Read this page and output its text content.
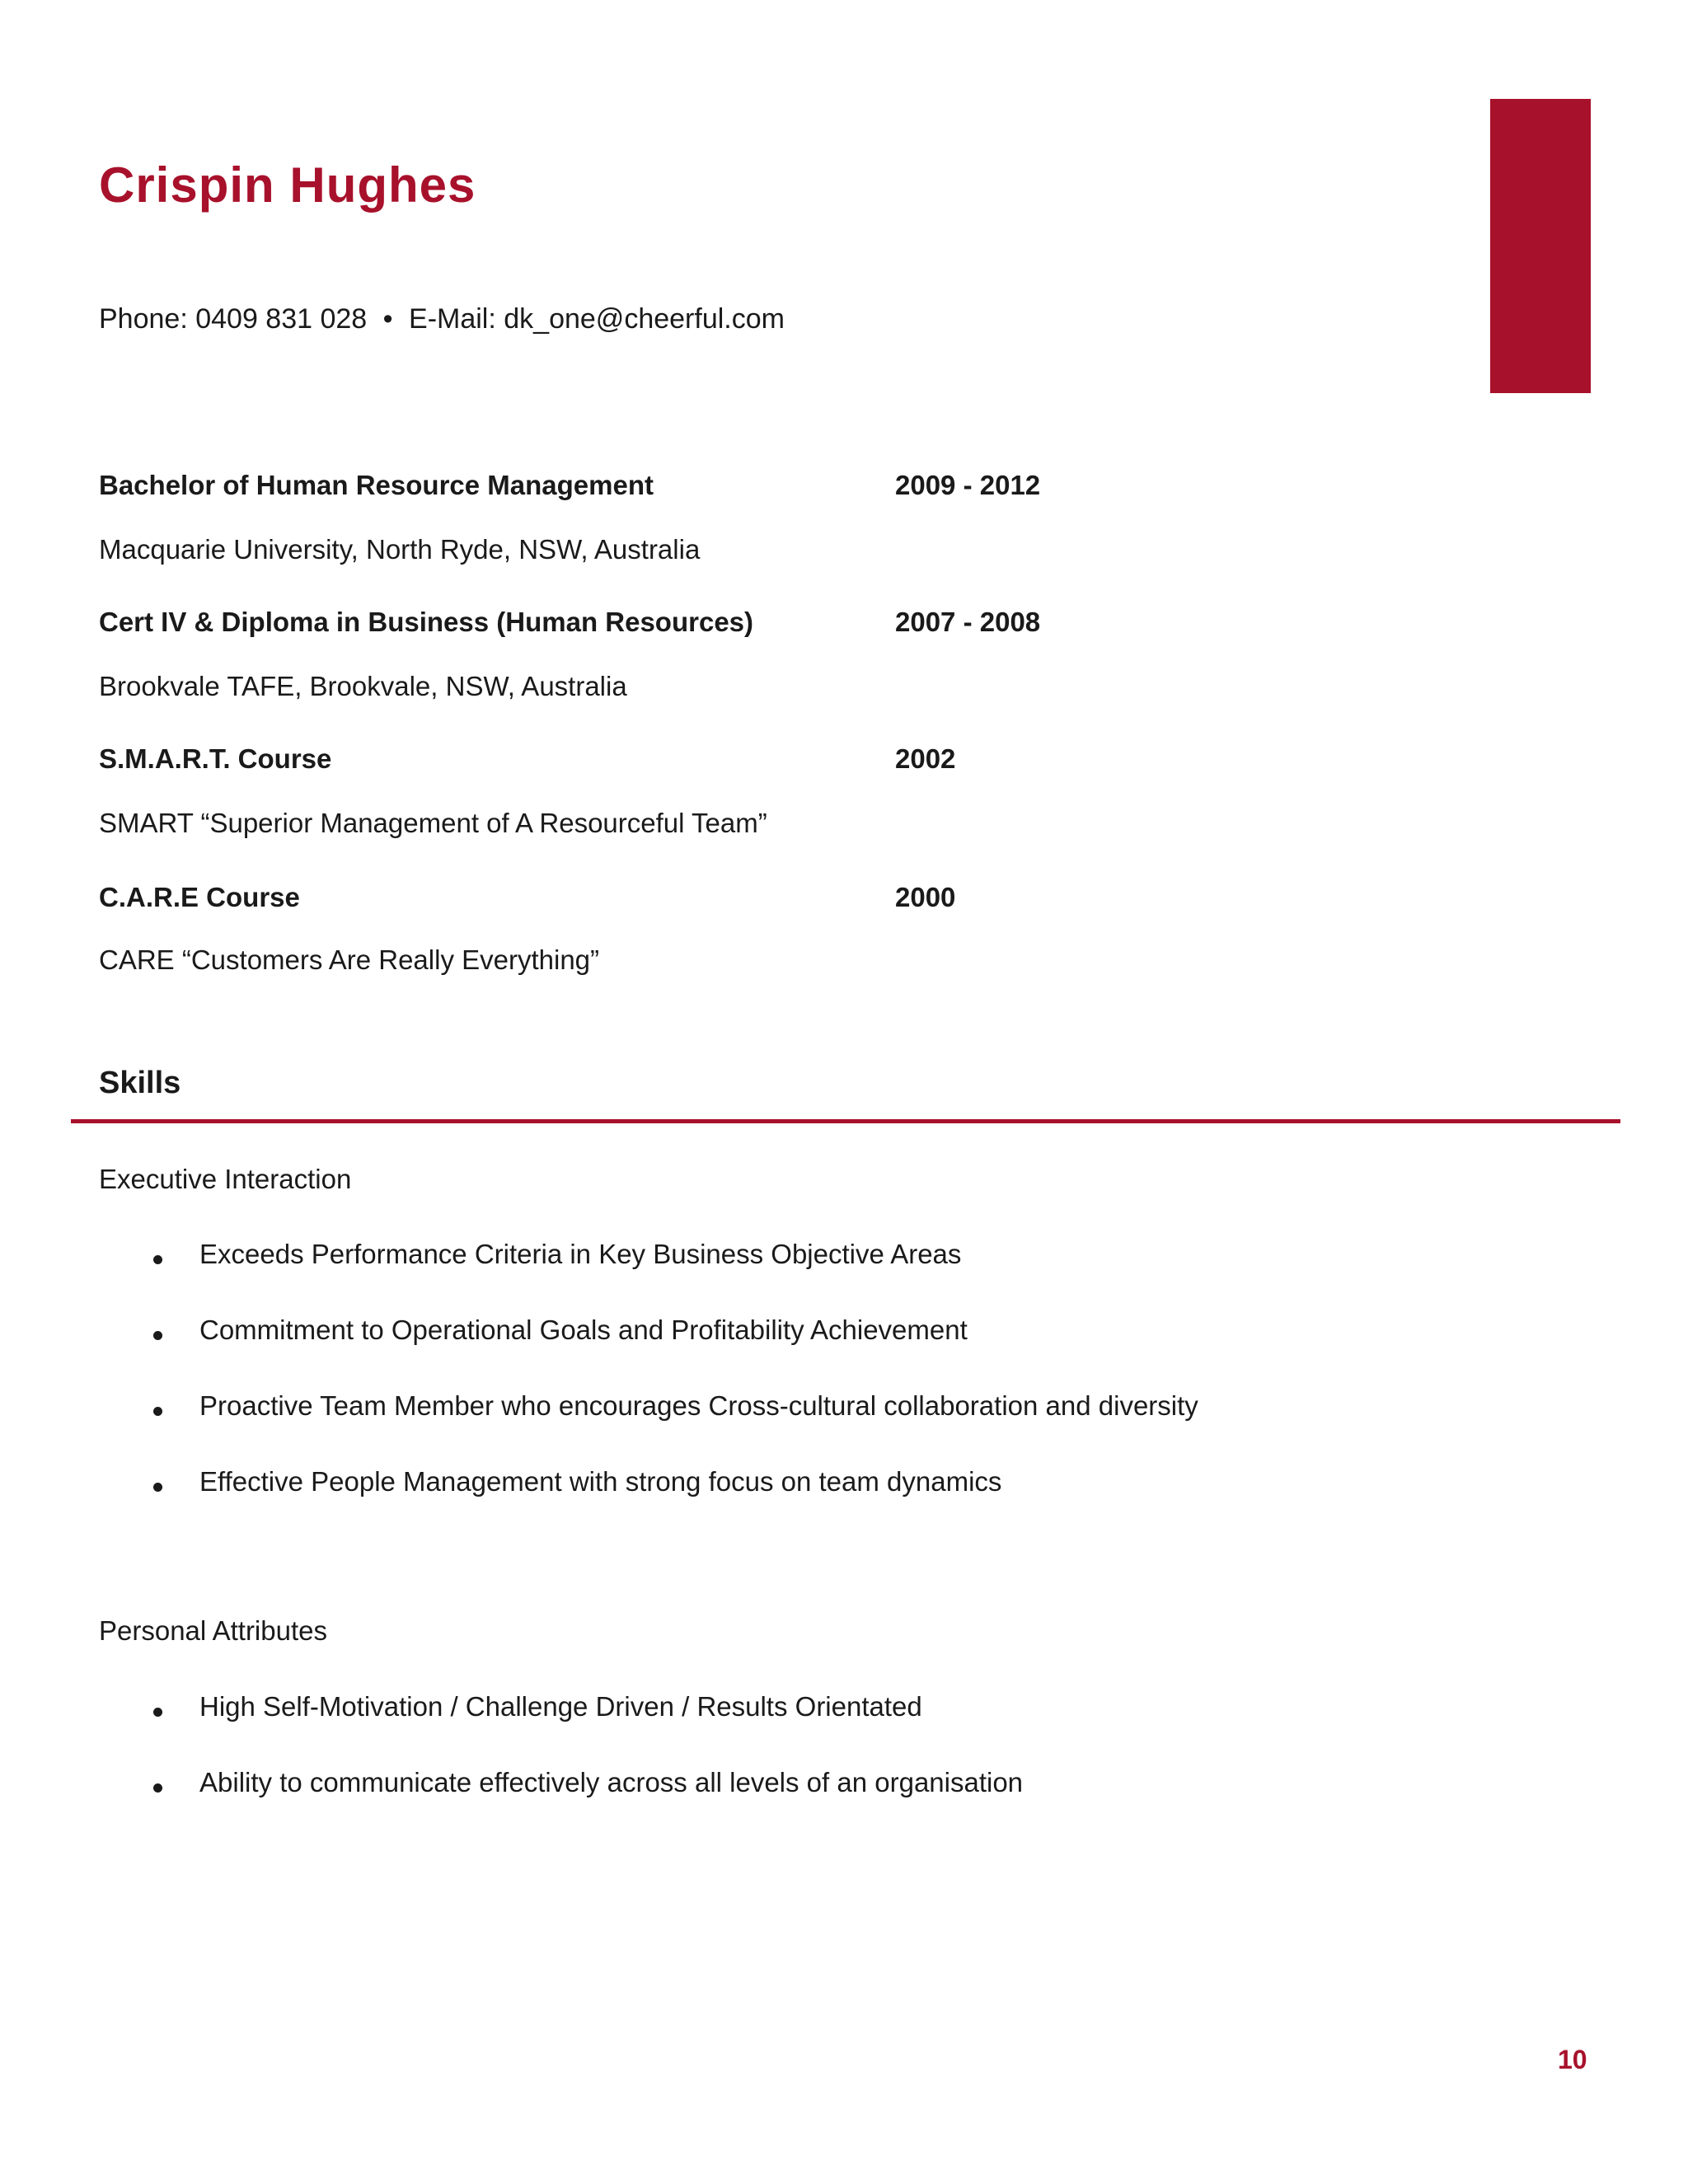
Crispin Hughes
Phone: 0409 831 028 • E-Mail: dk_one@cheerful.com
Bachelor of Human Resource Management	2009 - 2012
Macquarie University, North Ryde, NSW, Australia
Cert IV & Diploma in Business (Human Resources)	2007 - 2008
Brookvale TAFE, Brookvale, NSW, Australia
S.M.A.R.T. Course	2002
SMART “Superior Management of A Resourceful Team”
C.A.R.E Course	2000
CARE “Customers Are Really Everything”
Skills
Executive Interaction
Exceeds Performance Criteria in Key Business Objective Areas
Commitment to Operational Goals and Profitability Achievement
Proactive Team Member who encourages Cross-cultural collaboration and diversity
Effective People Management with strong focus on team dynamics
Personal Attributes
High Self-Motivation / Challenge Driven / Results Orientated
Ability to communicate effectively across all levels of an organisation
10
